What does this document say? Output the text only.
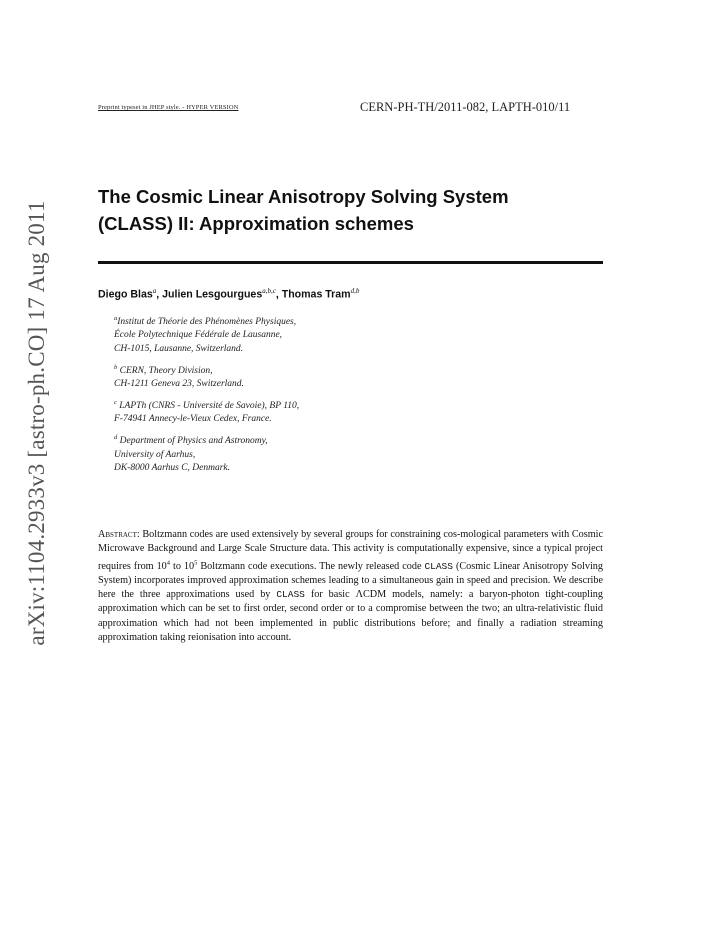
arXiv:1104.2933v3 [astro-ph.CO] 17 Aug 2011
Preprint typeset in JHEP style. - HYPER VERSION	CERN-PH-TH/2011-082, LAPTH-010/11
The Cosmic Linear Anisotropy Solving System
(CLASS) II: Approximation schemes
Diego Blas$^a$, Julien Lesgourgues$^{a,b,c}$, Thomas Tram$^{d,b}$
$^a$Institut de Théorie des Phénomènes Physiques,
École Polytechnique Fédérale de Lausanne,
CH-1015, Lausanne, Switzerland.
$^b$ CERN, Theory Division,
CH-1211 Geneva 23, Switzerland.
$^c$ LAPTh (CNRS - Université de Savoie), BP 110,
F-74941 Annecy-le-Vieux Cedex, France.
$^d$ Department of Physics and Astronomy,
University of Aarhus,
DK-8000 Aarhus C, Denmark.
Abstract: Boltzmann codes are used extensively by several groups for constraining cos-mological parameters with Cosmic Microwave Background and Large Scale Structure data. This activity is computationally expensive, since a typical project requires from $10^4$ to $10^5$ Boltzmann code executions. The newly released code CLASS (Cosmic Linear Anisotropy Solving System) incorporates improved approximation schemes leading to a simultaneous gain in speed and precision. We describe here the three approximations used by CLASS for basic ΛCDM models, namely: a baryon-photon tight-coupling approximation which can be set to first order, second order or to a compromise between the two; an ultra-relativistic fluid approximation which had not been implemented in public distributions before; and finally a radiation streaming approximation taking reionisation into account.
